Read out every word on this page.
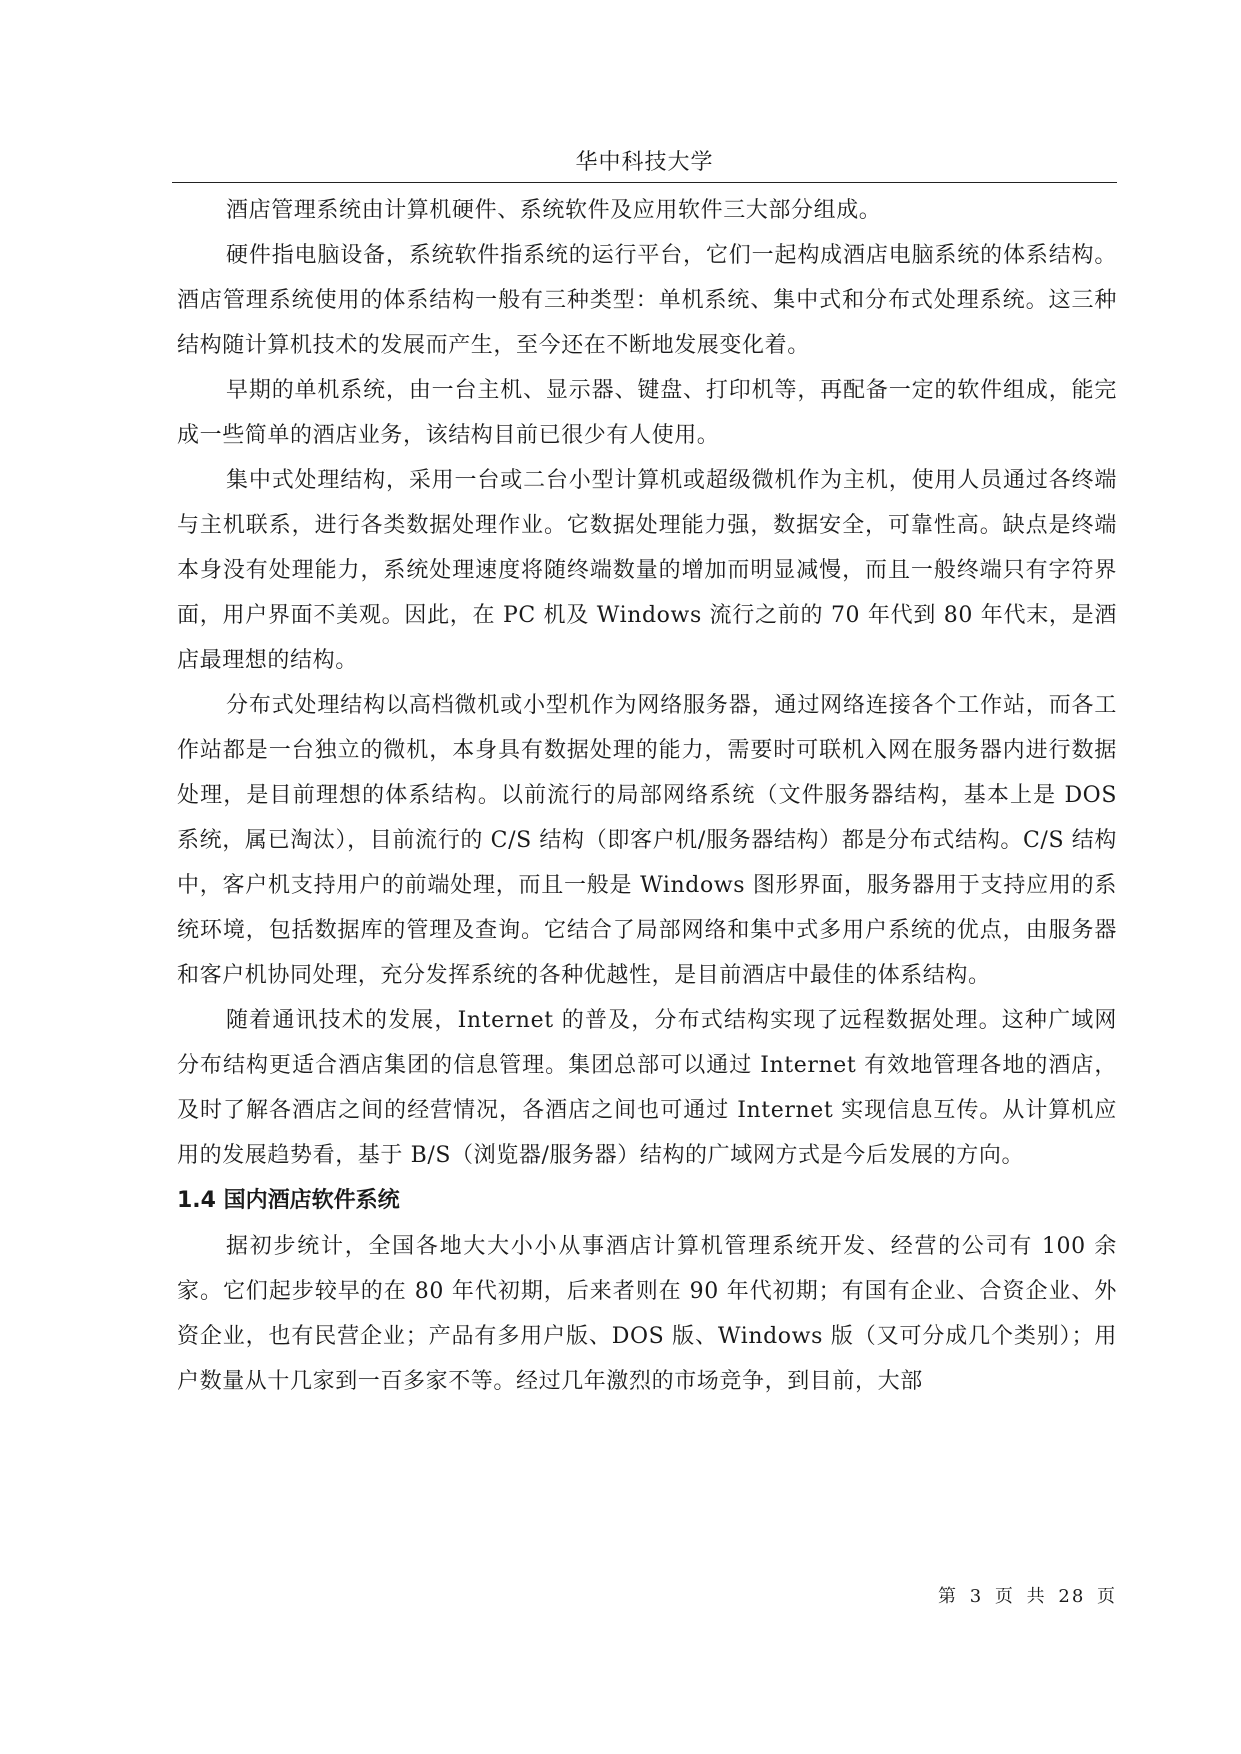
华中科技大学

酒店管理系统由计算机硬件、系统软件及应用软件三大部分组成。

硬件指电脑设备，系统软件指系统的运行平台，它们一起构成酒店电脑系统的体系结构。酒店管理系统使用的体系结构一般有三种类型：单机系统、集中式和分布式处理系统。这三种结构随计算机技术的发展而产生，至今还在不断地发展变化着。

早期的单机系统，由一台主机、显示器、键盘、打印机等，再配备一定的软件组成，能完成一些简单的酒店业务，该结构目前已很少有人使用。

集中式处理结构，采用一台或二台小型计算机或超级微机作为主机，使用人员通过各终端与主机联系，进行各类数据处理作业。它数据处理能力强，数据安全，可靠性高。缺点是终端本身没有处理能力，系统处理速度将随终端数量的增加而明显减慢，而且一般终端只有字符界面，用户界面不美观。因此，在 PC 机及 Windows 流行之前的 70 年代到 80 年代末，是酒店最理想的结构。

分布式处理结构以高档微机或小型机作为网络服务器，通过网络连接各个工作站，而各工作站都是一台独立的微机，本身具有数据处理的能力，需要时可联机入网在服务器内进行数据处理，是目前理想的体系结构。以前流行的局部网络系统（文件服务器结构，基本上是 DOS 系统，属已淘汰），目前流行的 C/S 结构（即客户机/服务器结构）都是分布式结构。C/S 结构中，客户机支持用户的前端处理，而且一般是 Windows 图形界面，服务器用于支持应用的系统环境，包括数据库的管理及查询。它结合了局部网络和集中式多用户系统的优点，由服务器和客户机协同处理，充分发挥系统的各种优越性，是目前酒店中最佳的体系结构。

随着通讯技术的发展，Internet 的普及，分布式结构实现了远程数据处理。这种广域网分布结构更适合酒店集团的信息管理。集团总部可以通过 Internet 有效地管理各地的酒店，及时了解各酒店之间的经营情况，各酒店之间也可通过 Internet 实现信息互传。从计算机应用的发展趋势看，基于 B/S（浏览器/服务器）结构的广域网方式是今后发展的方向。

1.4 国内酒店软件系统

据初步统计，全国各地大大小小从事酒店计算机管理系统开发、经营的公司有 100 余家。它们起步较早的在 80 年代初期，后来者则在 90 年代初期；有国有企业、合资企业、外资企业，也有民营企业；产品有多用户版、DOS 版、Windows 版（又可分成几个类别）；用户数量从十几家到一百多家不等。经过几年激烈的市场竞争，到目前，大部

第 3 页 共 28 页
